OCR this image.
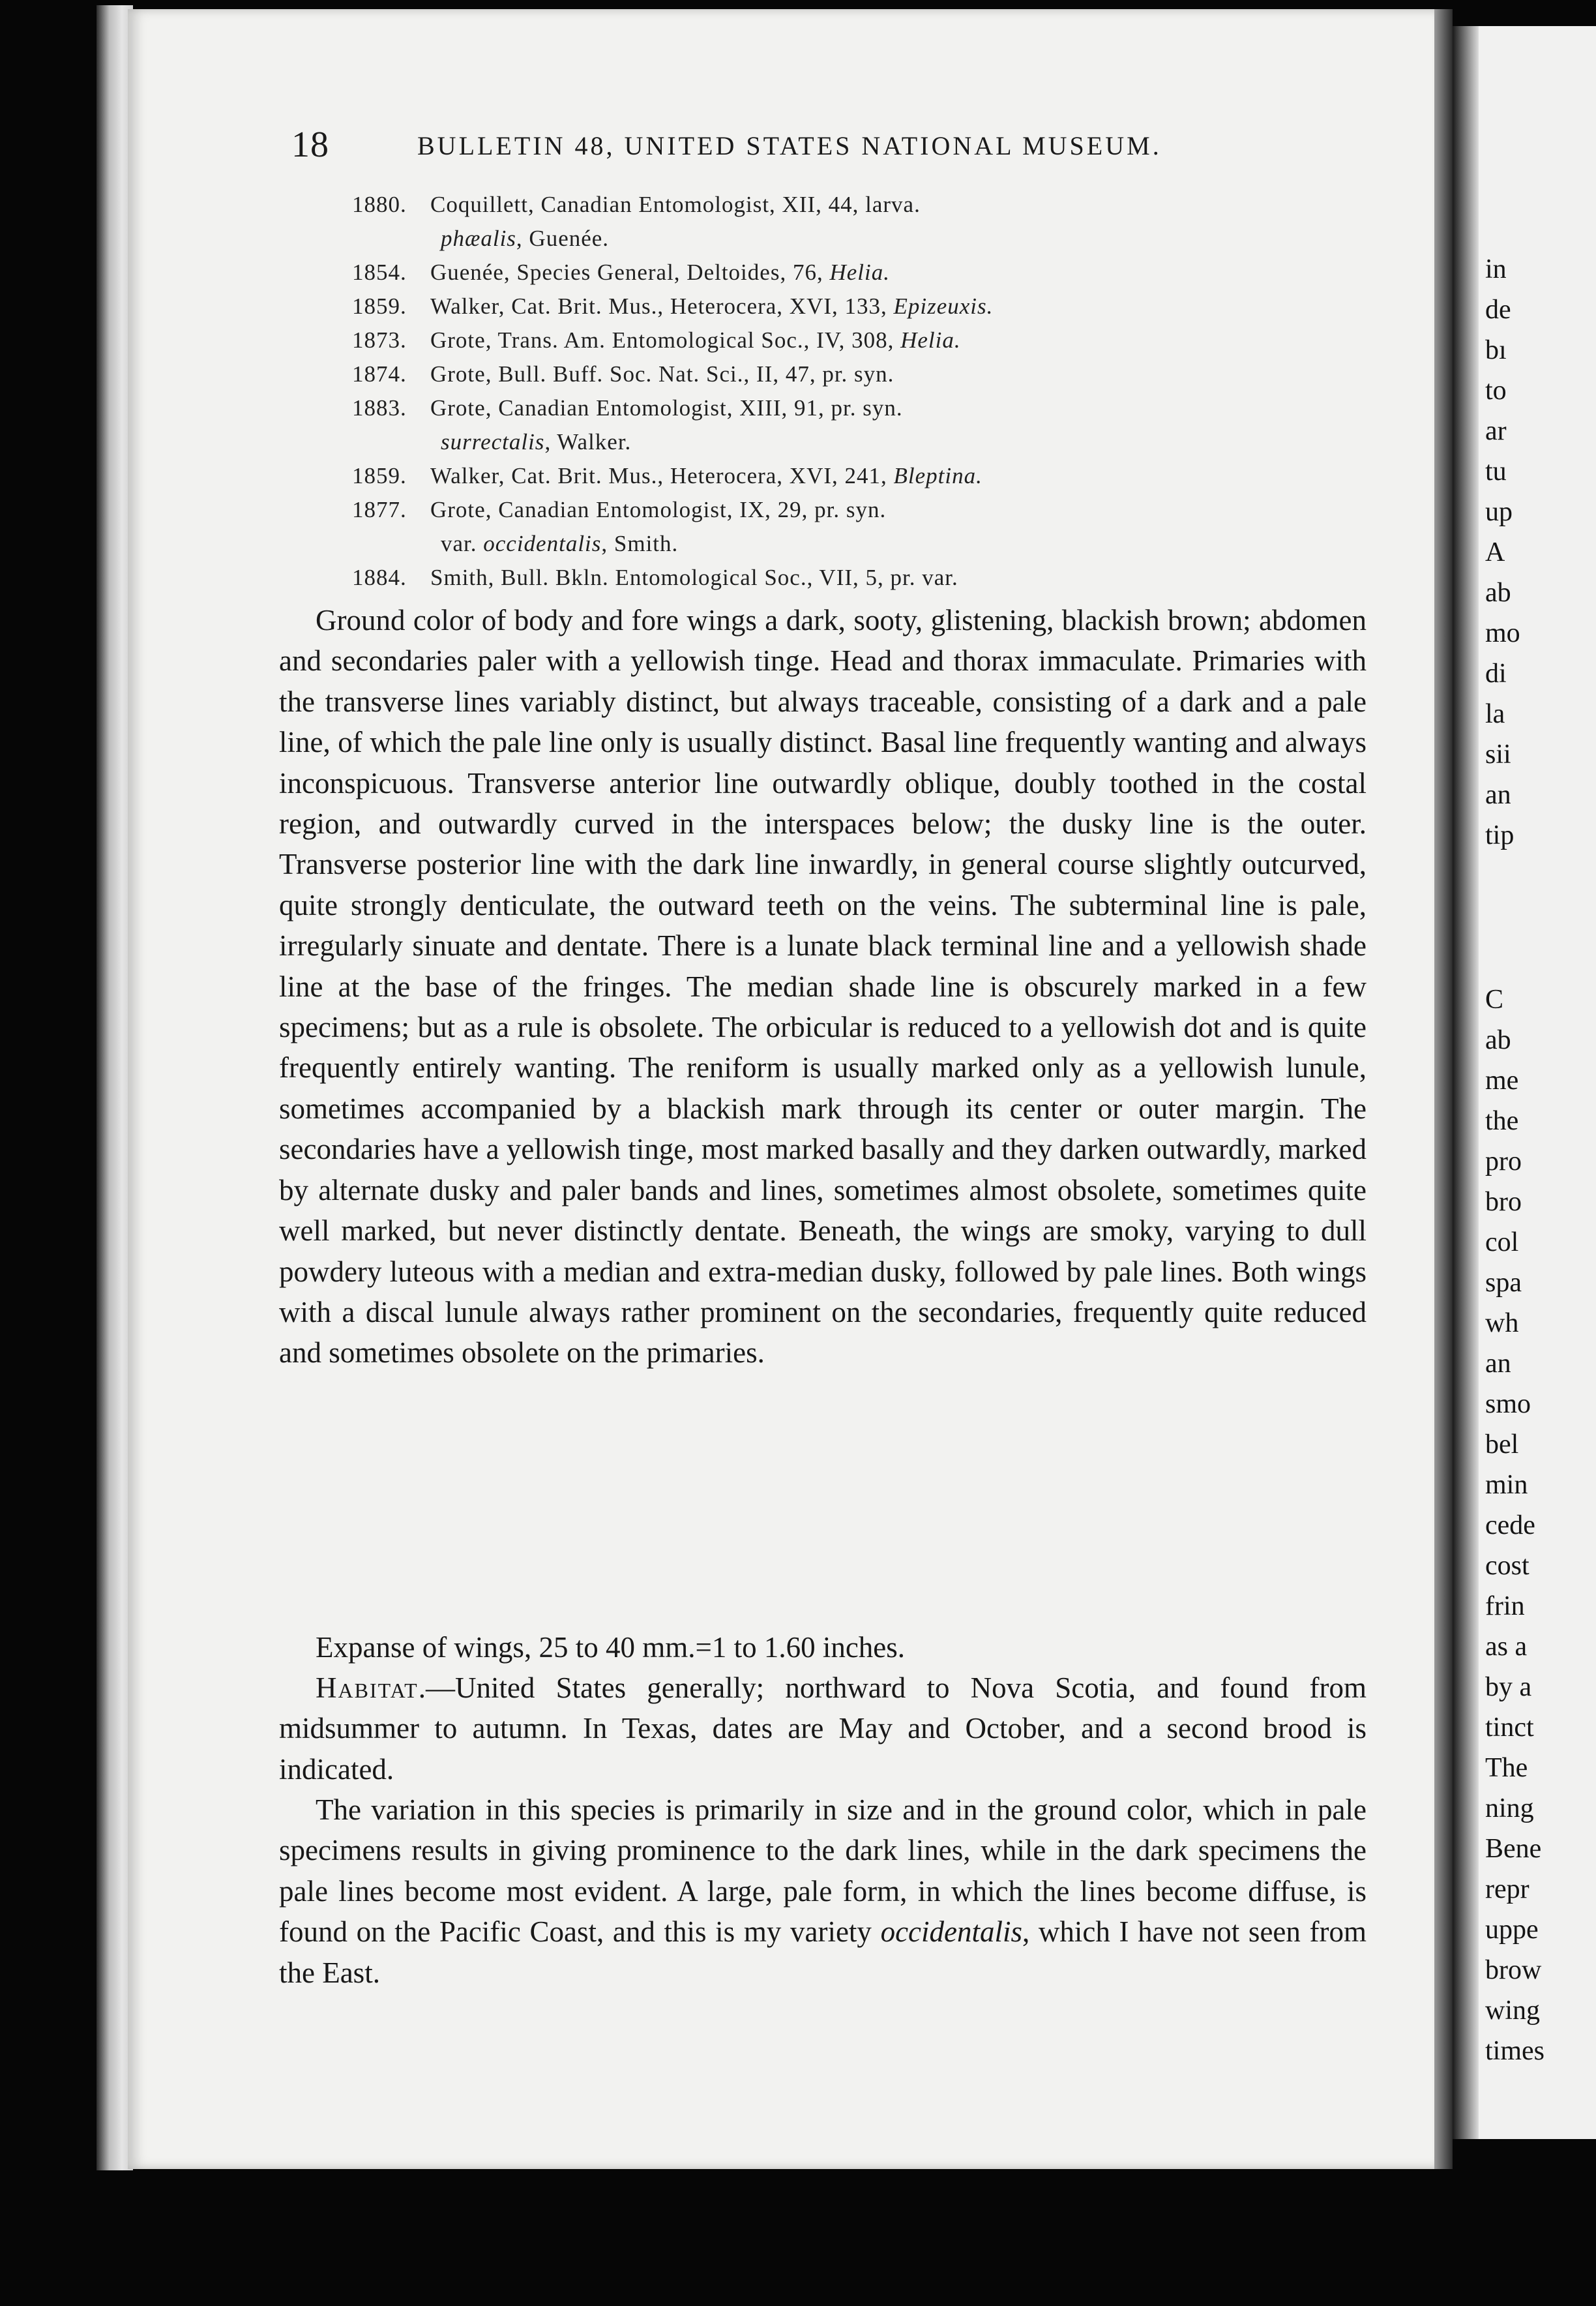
in
de
bı
to
ar
tu
up
A
ab
mo
di
la
sii
an
tip
C
ab
me
the
pro
bro
col
spa
wh
an
smo
bel
min
cede
cost
frin
as a
by a
tinct
The
ning
Bene
repr
uppe
brow
wing
times
18	BULLETIN 48, UNITED STATES NATIONAL MUSEUM.
1880. Coquillett, Canadian Entomologist, XII, 44, larva.
phæalis, Guenée.
1854. Guenée, Species General, Deltoides, 76, Helia.
1859. Walker, Cat. Brit. Mus., Heterocera, XVI, 133, Epizeuxis.
1873. Grote, Trans. Am. Entomological Soc., IV, 308, Helia.
1874. Grote, Bull. Buff. Soc. Nat. Sci., II, 47, pr. syn.
1883. Grote, Canadian Entomologist, XIII, 91, pr. syn.
surrectalis, Walker.
1859. Walker, Cat. Brit. Mus., Heterocera, XVI, 241, Bleptina.
1877. Grote, Canadian Entomologist, IX, 29, pr. syn.
var. occidentalis, Smith.
1884. Smith, Bull. Bkln. Entomological Soc., VII, 5, pr. var.

Ground color of body and fore wings a dark, sooty, glistening, blackish brown; abdomen and secondaries paler with a yellowish tinge. Head and thorax immaculate. Primaries with the transverse lines variably distinct, but always traceable, consisting of a dark and a pale line, of which the pale line only is usually distinct. Basal line frequently wanting and always inconspicuous. Transverse anterior line outwardly oblique, doubly toothed in the costal region, and outwardly curved in the interspaces below; the dusky line is the outer. Transverse posterior line with the dark line inwardly, in general course slightly outcurved, quite strongly denticulate, the outward teeth on the veins. The subterminal line is pale, irregularly sinuate and dentate. There is a lunate black terminal line and a yellowish shade line at the base of the fringes. The median shade line is obscurely marked in a few specimens; but as a rule is obsolete. The orbicular is reduced to a yellowish dot and is quite frequently entirely wanting. The reniform is usually marked only as a yellowish lunule, sometimes accompanied by a blackish mark through its center or outer margin. The secondaries have a yellowish tinge, most marked basally and they darken outwardly, marked by alternate dusky and paler bands and lines, sometimes almost obsolete, sometimes quite well marked, but never distinctly dentate. Beneath, the wings are smoky, varying to dull powdery luteous with a median and extra-median dusky, followed by pale lines. Both wings with a discal lunule always rather prominent on the secondaries, frequently quite reduced and sometimes obsolete on the primaries.

Expanse of wings, 25 to 40 mm.=1 to 1.60 inches.

Habitat.—United States generally; northward to Nova Scotia, and found from midsummer to autumn. In Texas, dates are May and October, and a second brood is indicated.

The variation in this species is primarily in size and in the ground color, which in pale specimens results in giving prominence to the dark lines, while in the dark specimens the pale lines become most evident. A large, pale form, in which the lines become diffuse, is found on the Pacific Coast, and this is my variety occidentalis, which I have not seen from the East.
